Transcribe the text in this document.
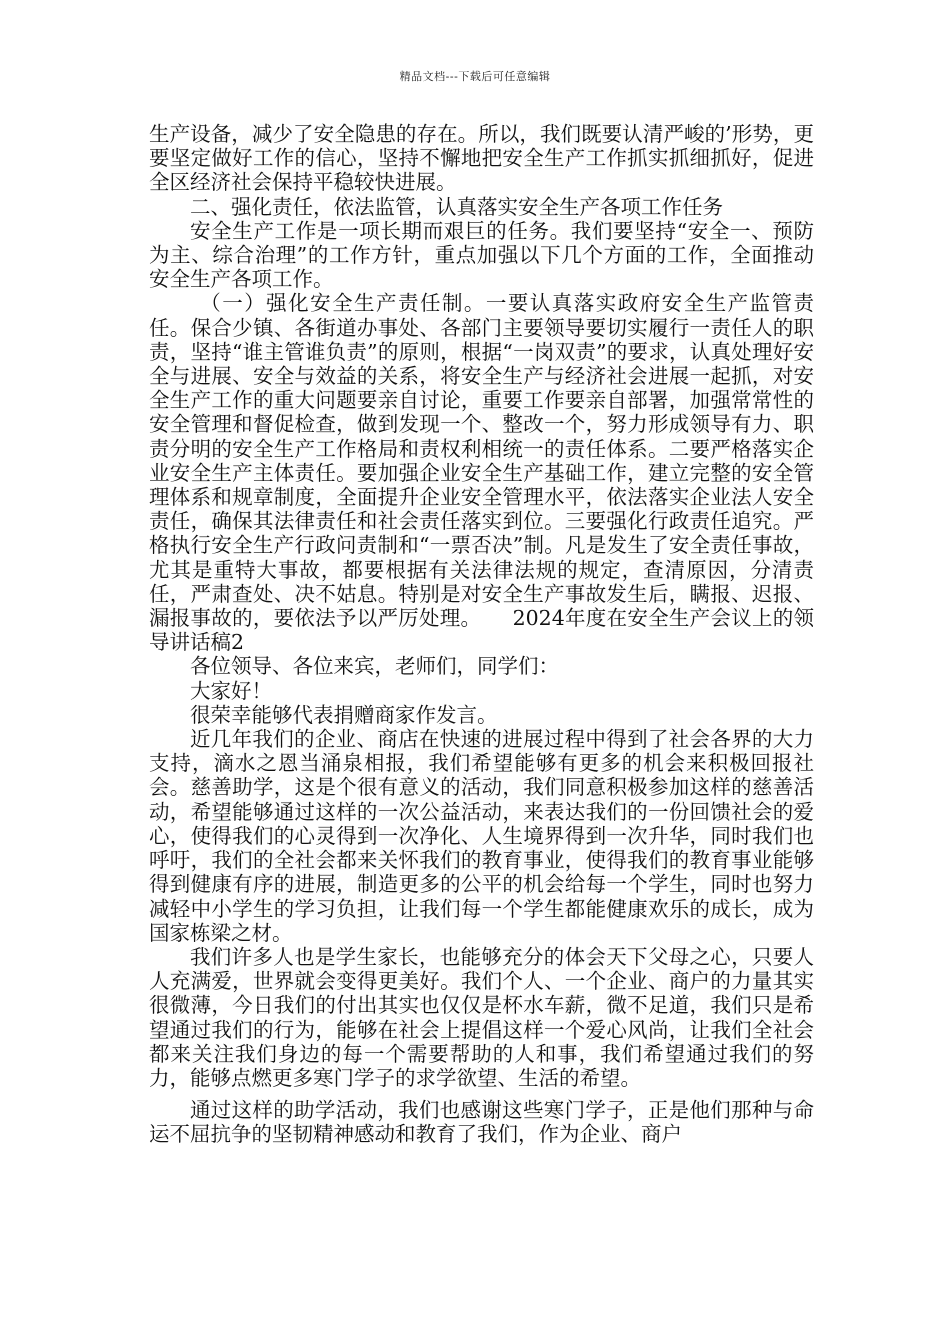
精品文档---下载后可任意编辑

生产设备，减少了安全隐患的存在。所以，我们既要认清严峻的’形势，更要坚定做好工作的信心，坚持不懈地把安全生产工作抓实抓细抓好，促进全区经济社会保持平稳较快进展。

二、强化责任，依法监管，认真落实安全生产各项工作任务

安全生产工作是一项长期而艰巨的任务。我们要坚持“安全一、预防为主、综合治理”的工作方针，重点加强以下几个方面的工作，全面推动安全生产各项工作。

（一）强化安全生产责任制。一要认真落实政府安全生产监管责任。保合少镇、各街道办事处、各部门主要领导要切实履行一责任人的职责，坚持“谁主管谁负责”的原则，根据“一岗双责”的要求，认真处理好安全与进展、安全与效益的关系，将安全生产与经济社会进展一起抓，对安全生产工作的重大问题要亲自讨论，重要工作要亲自部署，加强常常性的安全管理和督促检查，做到发现一个、整改一个，努力形成领导有力、职责分明的安全生产工作格局和责权利相统一的责任体系。二要严格落实企业安全生产主体责任。要加强企业安全生产基础工作，建立完整的安全管理体系和规章制度，全面提升企业安全管理水平，依法落实企业法人安全责任，确保其法律责任和社会责任落实到位。三要强化行政责任追究。严格执行安全生产行政问责制和“一票否决”制。凡是发生了安全责任事故，尤其是重特大事故，都要根据有关法律法规的规定，查清原因，分清责任，严肃查处、决不姑息。特别是对安全生产事故发生后，瞒报、迟报、漏报事故的，要依法予以严厉处理。　　2024年度在安全生产会议上的领导讲话稿2

各位领导、各位来宾，老师们，同学们：

大家好！

很荣幸能够代表捐赠商家作发言。

近几年我们的企业、商店在快速的进展过程中得到了社会各界的大力支持，滴水之恩当涌泉相报，我们希望能够有更多的机会来积极回报社会。慈善助学，这是个很有意义的活动，我们同意积极参加这样的慈善活动，希望能够通过这样的一次公益活动，来表达我们的一份回馈社会的爱心，使得我们的心灵得到一次净化、人生境界得到一次升华，同时我们也呼吁，我们的全社会都来关怀我们的教育事业，使得我们的教育事业能够得到健康有序的进展，制造更多的公平的机会给每一个学生，同时也努力减轻中小学生的学习负担，让我们每一个学生都能健康欢乐的成长，成为国家栋梁之材。

我们许多人也是学生家长，也能够充分的体会天下父母之心，只要人人充满爱，世界就会变得更美好。我们个人、一个企业、商户的力量其实很微薄，今日我们的付出其实也仅仅是杯水车薪，微不足道，我们只是希望通过我们的行为，能够在社会上提倡这样一个爱心风尚，让我们全社会都来关注我们身边的每一个需要帮助的人和事，我们希望通过我们的努力，能够点燃更多寒门学子的求学欲望、生活的希望。

通过这样的助学活动，我们也感谢这些寒门学子，正是他们那种与命运不屈抗争的坚韧精神感动和教育了我们，作为企业、商户
